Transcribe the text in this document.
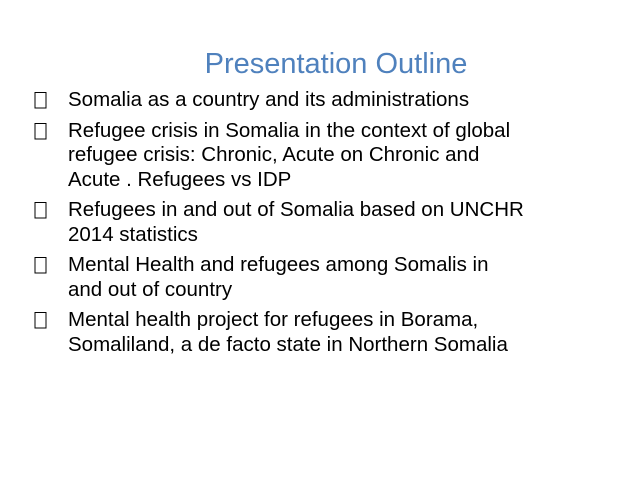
Presentation Outline
Somalia as a country and its administrations
Refugee crisis in Somalia in the context of global
refugee crisis: Chronic, Acute on Chronic and
Acute . Refugees vs IDP
Refugees in and out of Somalia based on UNCHR
2014 statistics
Mental Health and refugees among Somalis in
and out of country
Mental health project for refugees in Borama,
Somaliland, a de facto state in Northern Somalia
